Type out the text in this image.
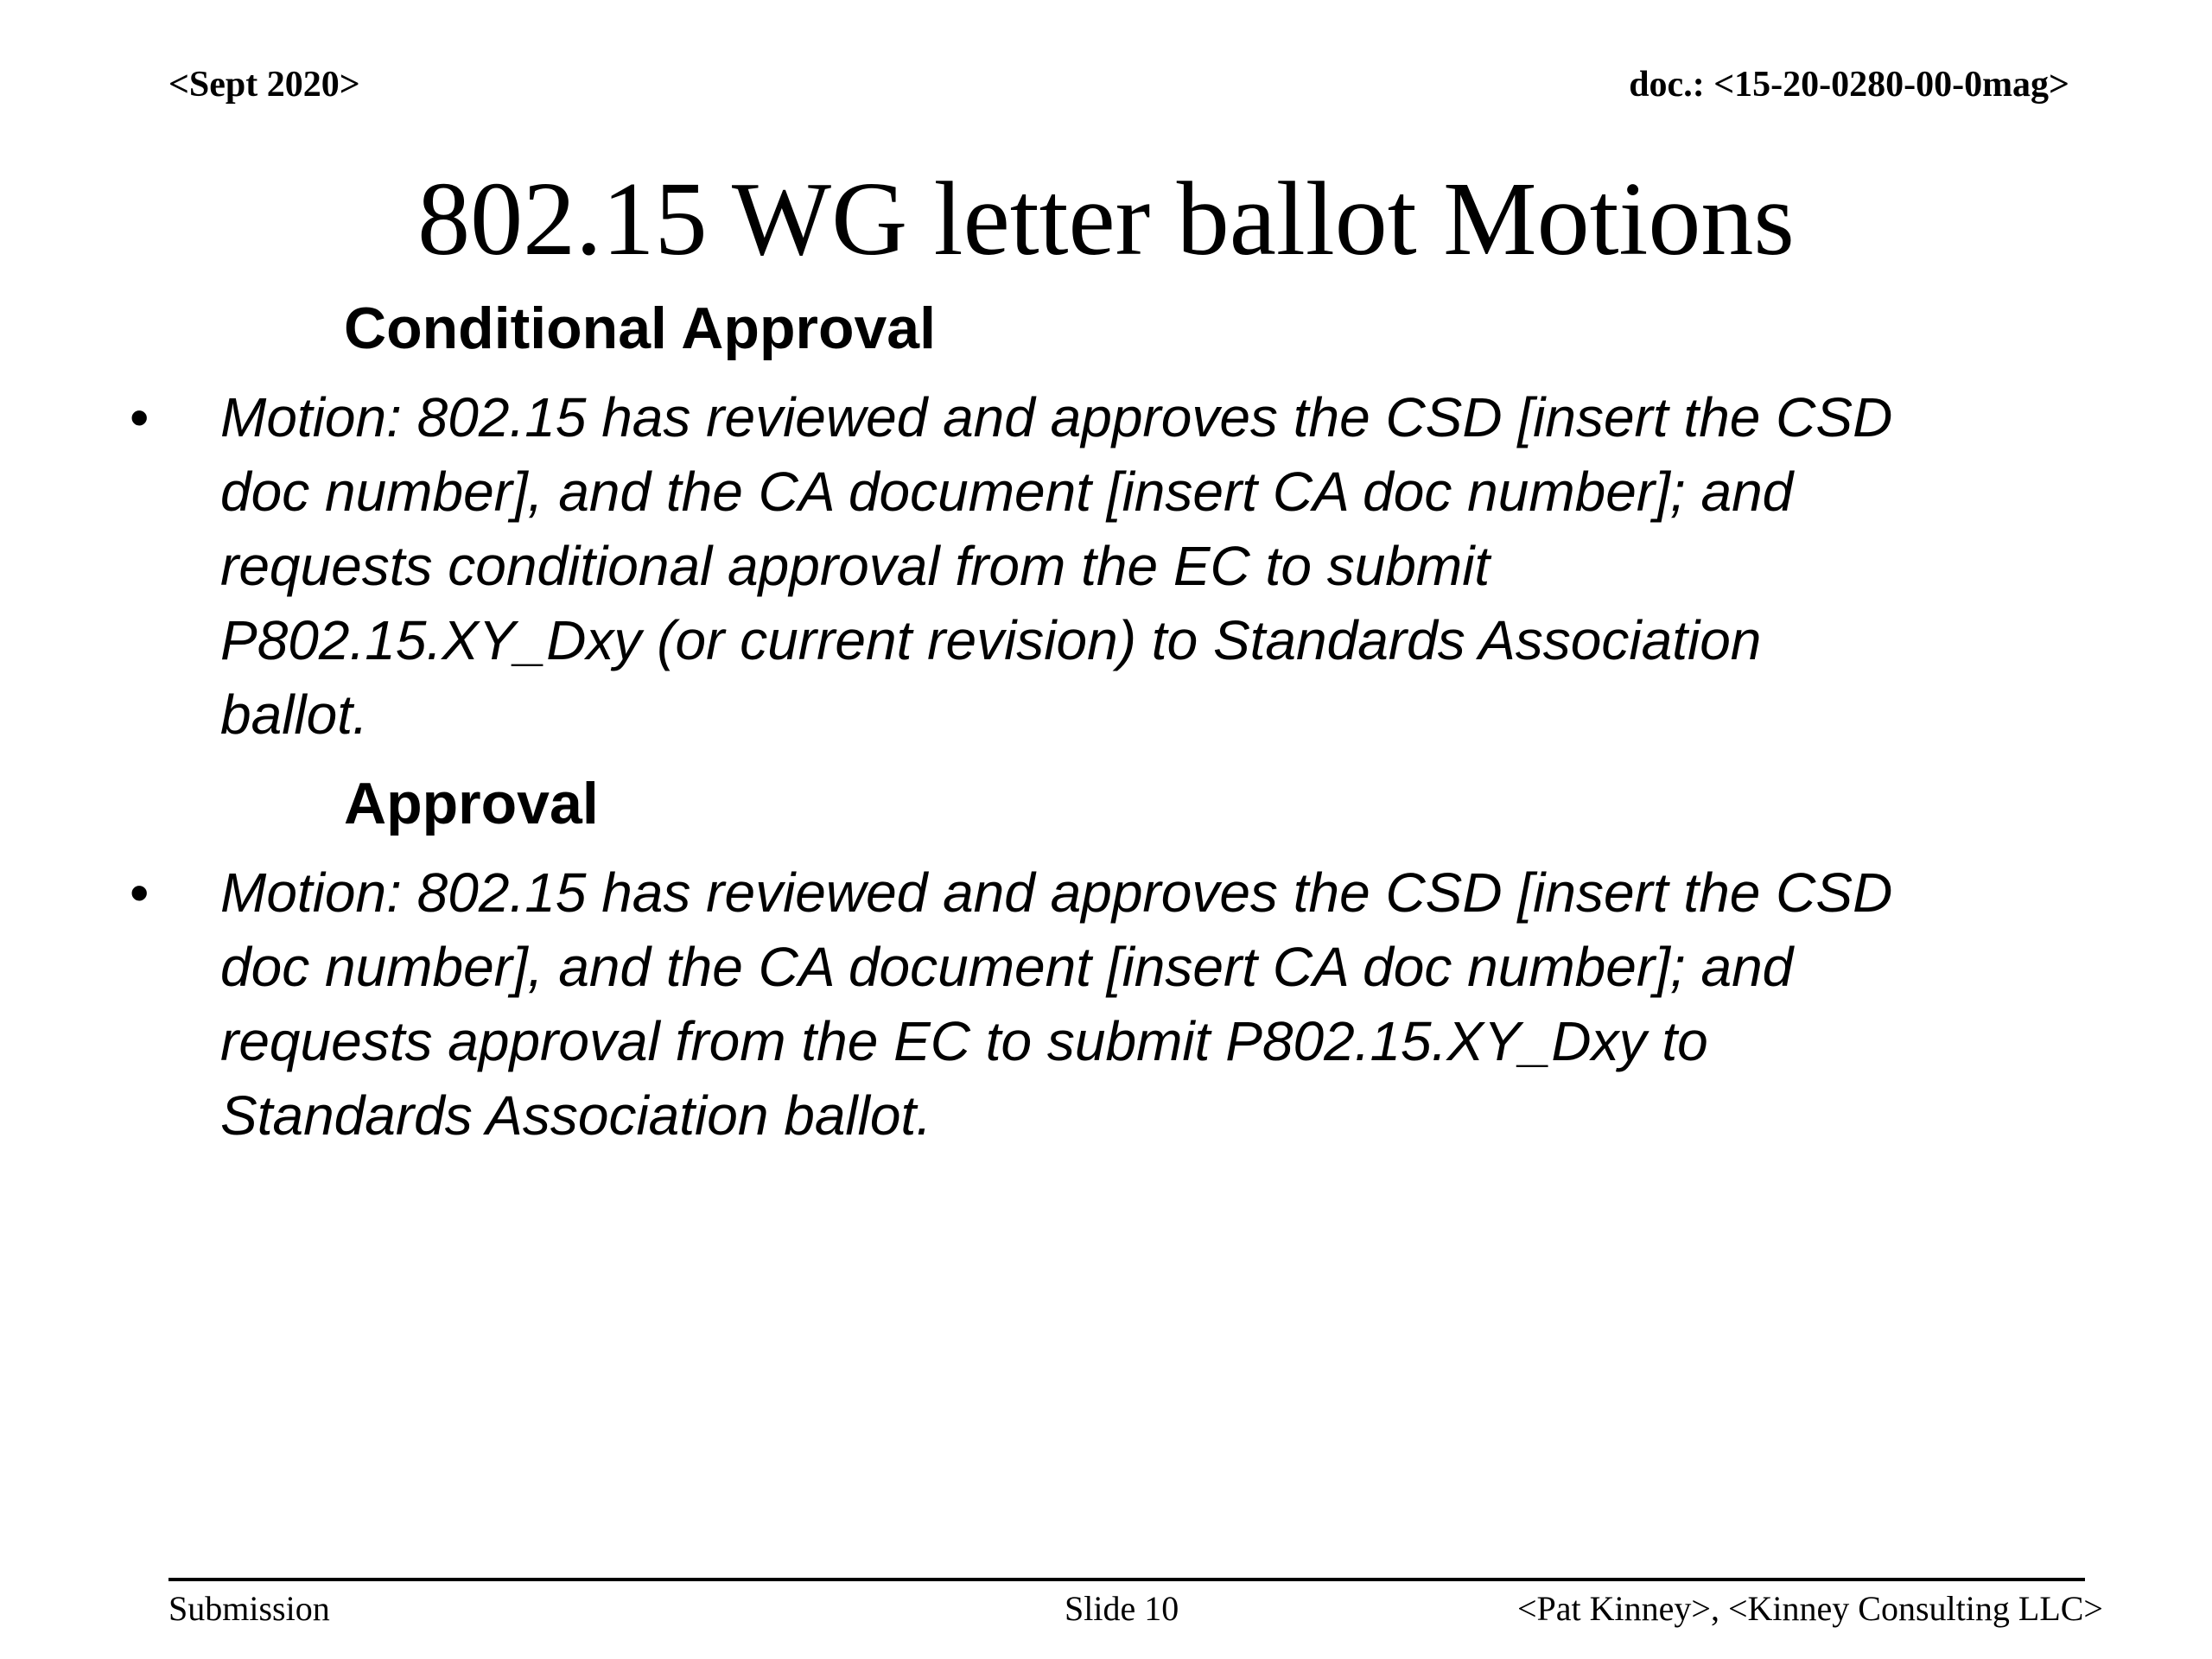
<Sept 2020>	doc.: <15-20-0280-00-0mag>
802.15 WG letter ballot Motions
Conditional Approval
•	Motion: 802.15 has reviewed and approves the CSD [insert the CSD
doc number], and the CA document [insert CA doc number]; and
requests conditional approval from the EC to submit
P802.15.XY_Dxy (or current revision) to Standards Association
ballot.
Approval
•	Motion: 802.15 has reviewed and approves the CSD [insert the CSD
doc number], and the CA document [insert CA doc number]; and
requests approval from the EC to submit P802.15.XY_Dxy to
Standards Association ballot.
Submission	Slide 10	<Pat Kinney>, <Kinney Consulting LLC>
